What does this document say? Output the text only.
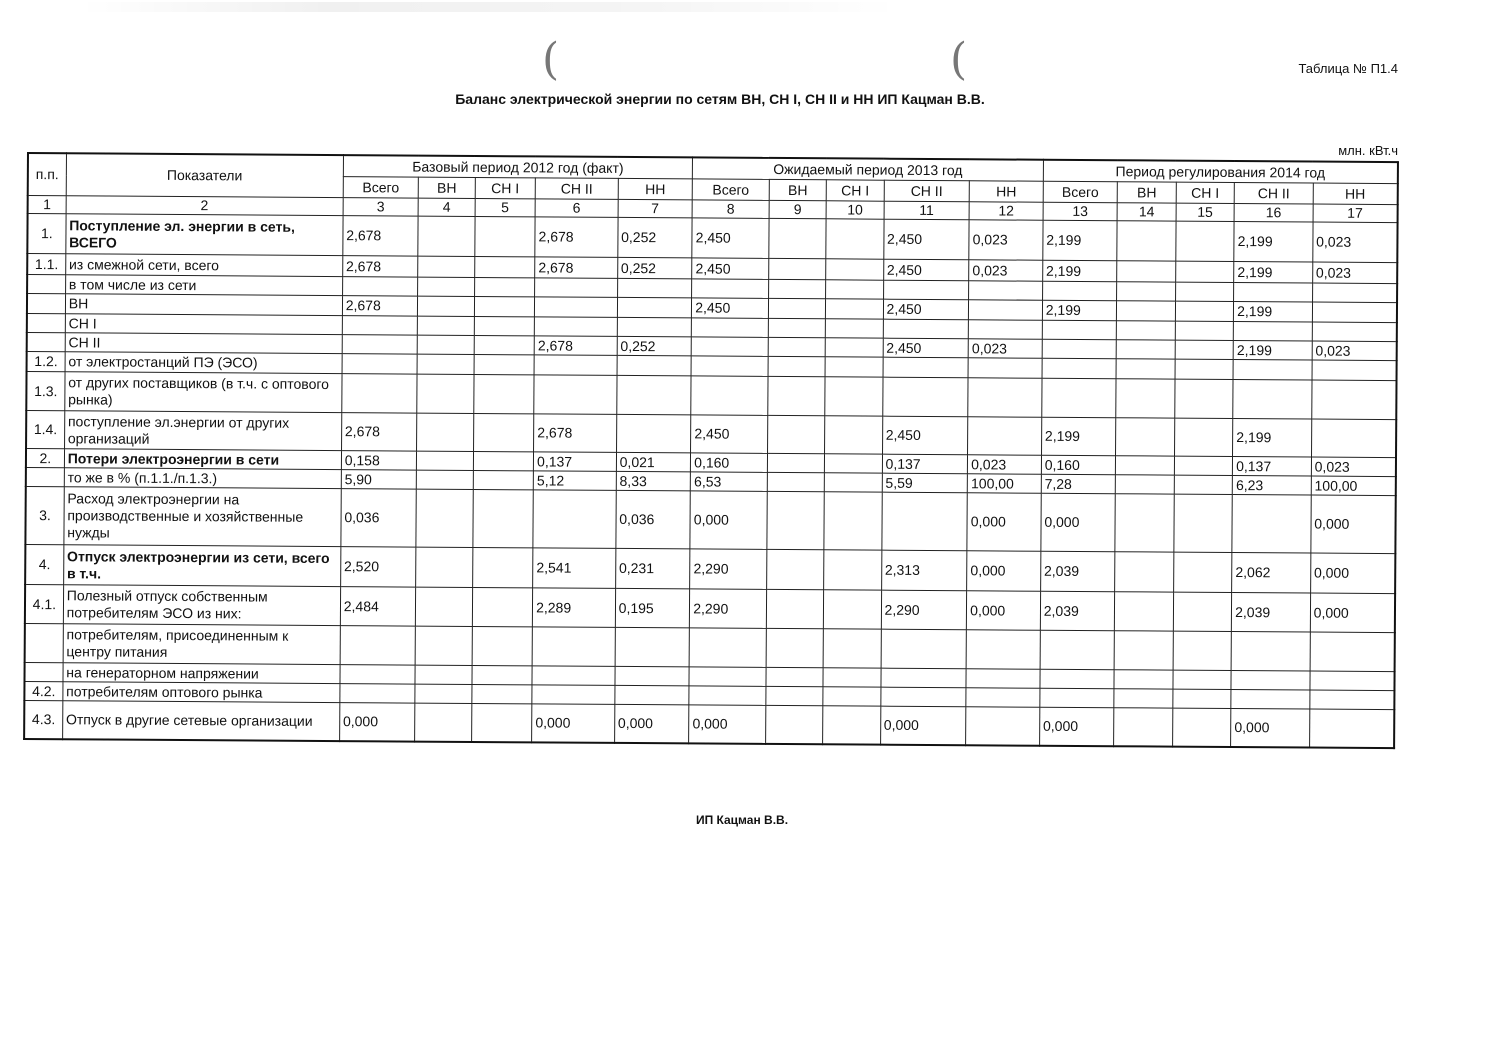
(	(	Таблица № П1.4
Баланс электрической энергии по сетям ВН, СН I, СН II и НН ИП Кацман В.В.
млн. кВт.ч
п.п.	Показатели	Базовый период 2012 год (факт)					Ожидаемый период 2013 год					Период регулирования 2014 год				
		Всего	ВН	СН I	СН II	НН	Всего	ВН	СН I	СН II	НН	Всего	ВН	СН I	СН II	НН
1	2	3	4	5	6	7	8	9	10	11	12	13	14	15	16	17
1.	Поступление эл. энергии в сеть, ВСЕГО	2,678			2,678	0,252	2,450			2,450	0,023	2,199			2,199	0,023
1.1.	из смежной сети, всего	2,678			2,678	0,252	2,450			2,450	0,023	2,199			2,199	0,023
	в том числе из сети															
	ВН	2,678					2,450			2,450		2,199			2,199	
	СН I															
	СН II				2,678	0,252				2,450	0,023				2,199	0,023
1.2.	от электростанций ПЭ (ЭСО)															
1.3.	от других поставщиков (в т.ч. с оптового рынка)															
1.4.	поступление эл.энергии от других организаций	2,678			2,678		2,450			2,450		2,199			2,199	
2.	Потери электроэнергии в сети	0,158			0,137	0,021	0,160			0,137	0,023	0,160			0,137	0,023
	то же в % (п.1.1./п.1.3.)	5,90			5,12	8,33	6,53			5,59	100,00	7,28			6,23	100,00
3.	Расход электроэнергии на производственные и хозяйственные нужды	0,036				0,036	0,000				0,000	0,000				0,000
4.	Отпуск электроэнергии из сети, всего в т.ч.	2,520			2,541	0,231	2,290			2,313	0,000	2,039			2,062	0,000
4.1.	Полезный отпуск собственным потребителям ЭСО из них:	2,484			2,289	0,195	2,290			2,290	0,000	2,039			2,039	0,000
	потребителям, присоединенным к центру питания															
	на генераторном напряжении															
4.2.	потребителям оптового рынка															
4.3.	Отпуск в другие сетевые организации	0,000			0,000	0,000	0,000			0,000		0,000			0,000	
ИП Кацман В.В.
